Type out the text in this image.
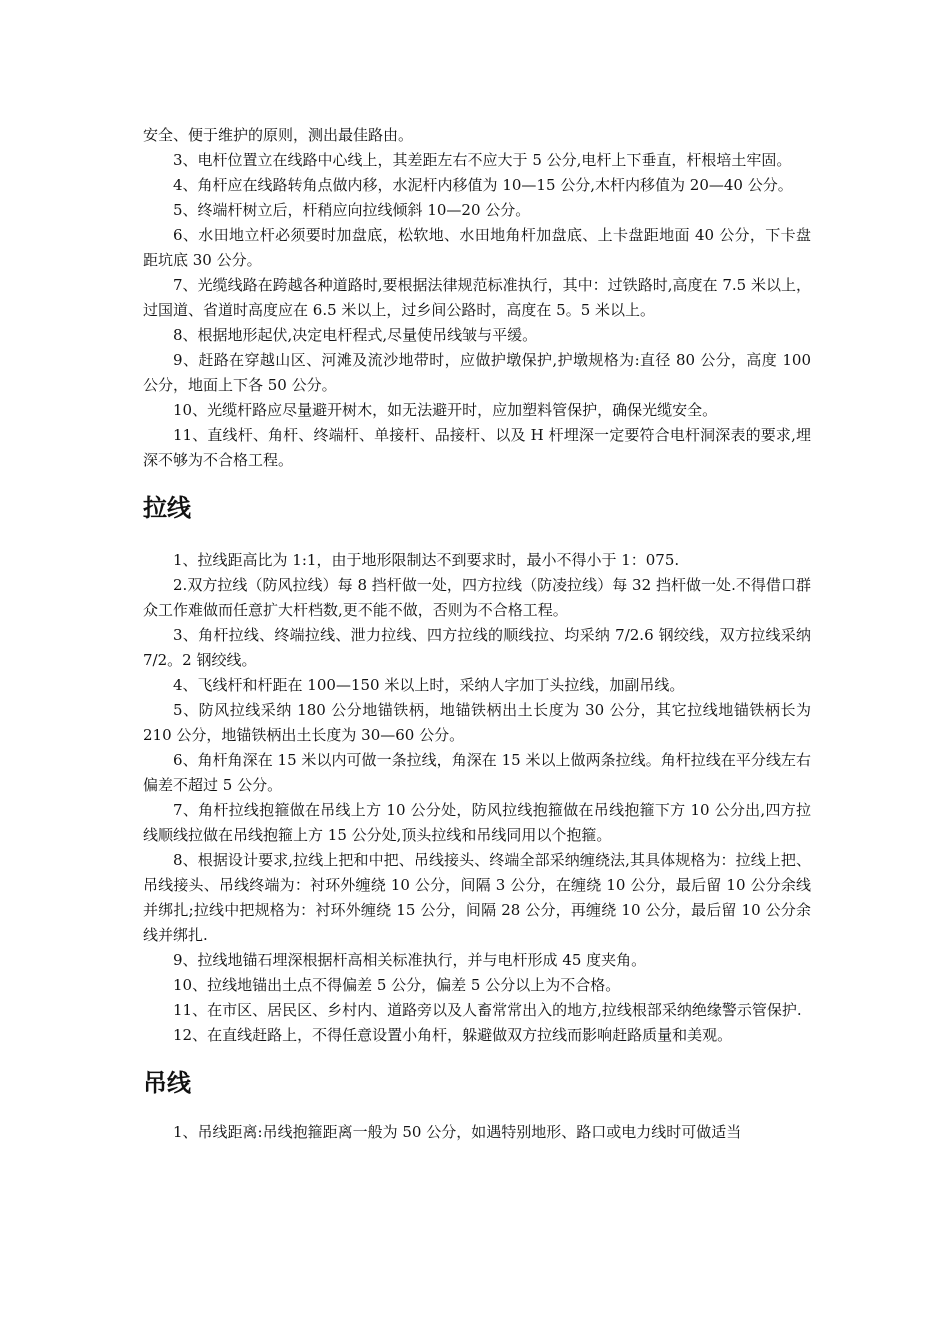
安全、便于维护的原则，测出最佳路由。

3、电杆位置立在线路中心线上，其差距左右不应大于 5 公分,电杆上下垂直，杆根培土牢固。

4、角杆应在线路转角点做内移，水泥杆内移值为 10—15 公分,木杆内移值为 20—40 公分。

5、终端杆树立后，杆稍应向拉线倾斜 10—20 公分。

6、水田地立杆必须要时加盘底，松软地、水田地角杆加盘底、上卡盘距地面 40 公分，下卡盘距坑底 30 公分。

7、光缆线路在跨越各种道路时,要根据法律规范标准执行，其中：过铁路时,高度在 7.5 米以上，过国道、省道时高度应在 6.5 米以上，过乡间公路时，高度在 5。5 米以上。

8、根据地形起伏,决定电杆程式,尽量使吊线皱与平缓。

9、赶路在穿越山区、河滩及流沙地带时，应做护墩保护,护墩规格为:直径 80 公分，高度 100 公分，地面上下各 50 公分。

10、光缆杆路应尽量避开树木，如无法避开时，应加塑料管保护，确保光缆安全。

11、直线杆、角杆、终端杆、单接杆、品接杆、以及 H 杆埋深一定要符合电杆洞深表的要求,埋深不够为不合格工程。

拉线

1、拉线距高比为 1:1，由于地形限制达不到要求时，最小不得小于 1：075.

2.双方拉线（防风拉线）每 8 挡杆做一处，四方拉线（防凌拉线）每 32 挡杆做一处.不得借口群众工作难做而任意扩大杆档数,更不能不做，否则为不合格工程。

3、角杆拉线、终端拉线、泄力拉线、四方拉线的顺线拉、均采纳 7/2.6 钢绞线，双方拉线采纳 7/2。2 钢绞线。

4、飞线杆和杆距在 100—150 米以上时，采纳人字加丁头拉线，加副吊线。

5、防风拉线采纳 180 公分地锚铁柄，地锚铁柄出土长度为 30 公分，其它拉线地锚铁柄长为 210 公分，地锚铁柄出土长度为 30—60 公分。

6、角杆角深在 15 米以内可做一条拉线，角深在 15 米以上做两条拉线。角杆拉线在平分线左右偏差不超过 5 公分。

7、角杆拉线抱箍做在吊线上方 10 公分处，防风拉线抱箍做在吊线抱箍下方 10 公分出,四方拉线顺线拉做在吊线抱箍上方 15 公分处,顶头拉线和吊线同用以个抱箍。

8、根据设计要求,拉线上把和中把、吊线接头、终端全部采纳缠绕法,其具体规格为：拉线上把、吊线接头、吊线终端为：衬环外缠绕 10 公分，间隔 3 公分，在缠绕 10 公分，最后留 10 公分余线并绑扎;拉线中把规格为：衬环外缠绕 15 公分，间隔 28 公分，再缠绕 10 公分，最后留 10 公分余线并绑扎.

9、拉线地锚石埋深根据杆高相关标准执行，并与电杆形成 45 度夹角。

10、拉线地锚出土点不得偏差 5 公分，偏差 5 公分以上为不合格。

11、在市区、居民区、乡村内、道路旁以及人畜常常出入的地方,拉线根部采纳绝缘警示管保护.

12、在直线赶路上，不得任意设置小角杆，躲避做双方拉线而影响赶路质量和美观。

吊线

1、吊线距离:吊线抱箍距离一般为 50 公分，如遇特别地形、路口或电力线时可做适当
